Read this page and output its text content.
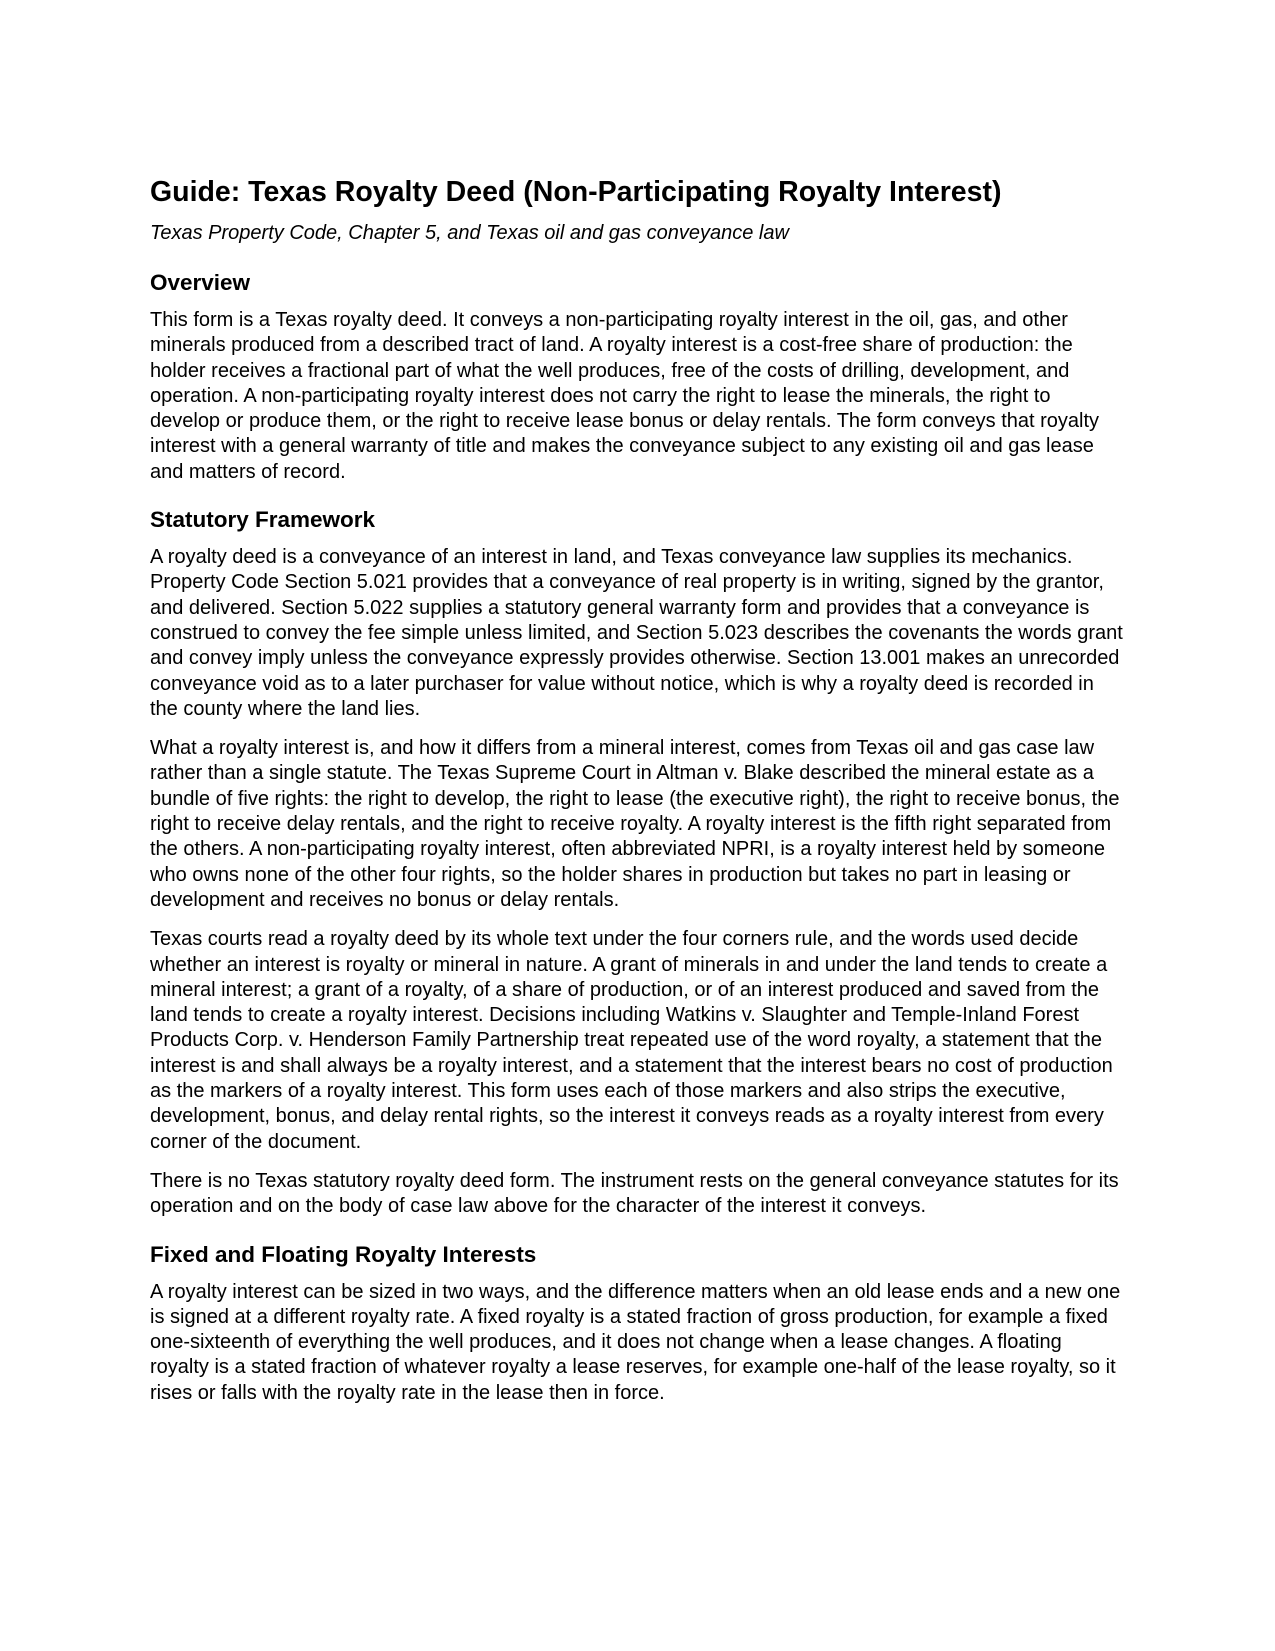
Guide: Texas Royalty Deed (Non-Participating Royalty Interest)
Texas Property Code, Chapter 5, and Texas oil and gas conveyance law
Overview

This form is a Texas royalty deed. It conveys a non-participating royalty interest in the oil, gas, and other minerals produced from a described tract of land. A royalty interest is a cost-free share of production: the holder receives a fractional part of what the well produces, free of the costs of drilling, development, and operation. A non-participating royalty interest does not carry the right to lease the minerals, the right to develop or produce them, or the right to receive lease bonus or delay rentals. The form conveys that royalty interest with a general warranty of title and makes the conveyance subject to any existing oil and gas lease and matters of record.

Statutory Framework

A royalty deed is a conveyance of an interest in land, and Texas conveyance law supplies its mechanics. Property Code Section 5.021 provides that a conveyance of real property is in writing, signed by the grantor, and delivered. Section 5.022 supplies a statutory general warranty form and provides that a conveyance is construed to convey the fee simple unless limited, and Section 5.023 describes the covenants the words grant and convey imply unless the conveyance expressly provides otherwise. Section 13.001 makes an unrecorded conveyance void as to a later purchaser for value without notice, which is why a royalty deed is recorded in the county where the land lies.

What a royalty interest is, and how it differs from a mineral interest, comes from Texas oil and gas case law rather than a single statute. The Texas Supreme Court in Altman v. Blake described the mineral estate as a bundle of five rights: the right to develop, the right to lease (the executive right), the right to receive bonus, the right to receive delay rentals, and the right to receive royalty. A royalty interest is the fifth right separated from the others. A non-participating royalty interest, often abbreviated NPRI, is a royalty interest held by someone who owns none of the other four rights, so the holder shares in production but takes no part in leasing or development and receives no bonus or delay rentals.

Texas courts read a royalty deed by its whole text under the four corners rule, and the words used decide whether an interest is royalty or mineral in nature. A grant of minerals in and under the land tends to create a mineral interest; a grant of a royalty, of a share of production, or of an interest produced and saved from the land tends to create a royalty interest. Decisions including Watkins v. Slaughter and Temple-Inland Forest Products Corp. v. Henderson Family Partnership treat repeated use of the word royalty, a statement that the interest is and shall always be a royalty interest, and a statement that the interest bears no cost of production as the markers of a royalty interest. This form uses each of those markers and also strips the executive, development, bonus, and delay rental rights, so the interest it conveys reads as a royalty interest from every corner of the document.

There is no Texas statutory royalty deed form. The instrument rests on the general conveyance statutes for its operation and on the body of case law above for the character of the interest it conveys.

Fixed and Floating Royalty Interests

A royalty interest can be sized in two ways, and the difference matters when an old lease ends and a new one is signed at a different royalty rate. A fixed royalty is a stated fraction of gross production, for example a fixed one-sixteenth of everything the well produces, and it does not change when a lease changes. A floating royalty is a stated fraction of whatever royalty a lease reserves, for example one-half of the lease royalty, so it rises or falls with the royalty rate in the lease then in force.
